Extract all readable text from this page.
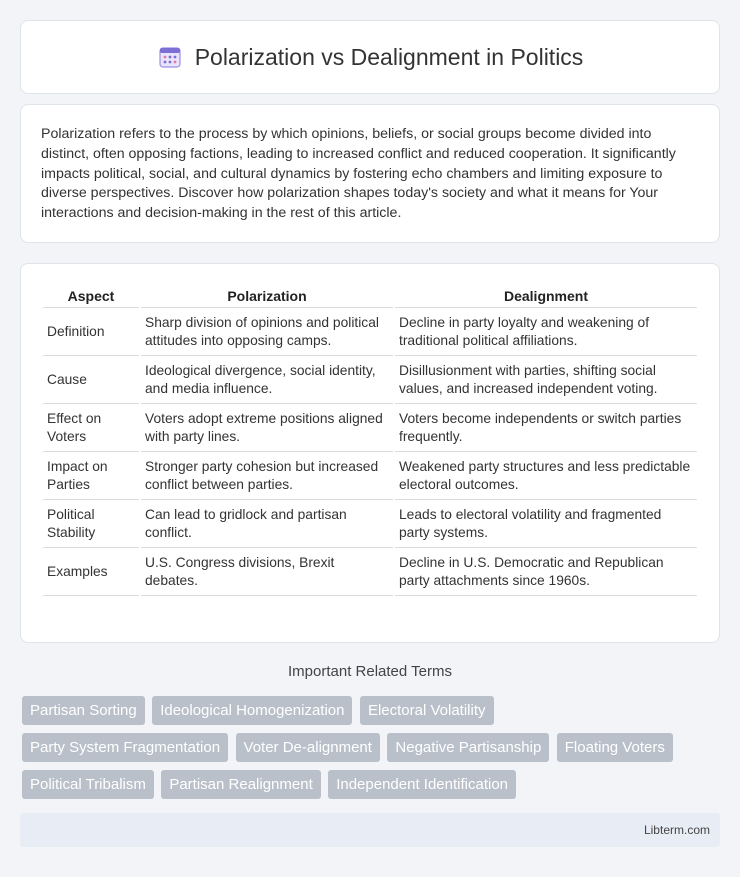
Polarization vs Dealignment in Politics

Polarization refers to the process by which opinions, beliefs, or social groups become divided into distinct, often opposing factions, leading to increased conflict and reduced cooperation. It significantly impacts political, social, and cultural dynamics by fostering echo chambers and limiting exposure to diverse perspectives. Discover how polarization shapes today's society and what it means for Your interactions and decision-making in the rest of this article.

Aspect	Polarization	Dealignment
Definition	Sharp division of opinions and political attitudes into opposing camps.	Decline in party loyalty and weakening of traditional political affiliations.
Cause	Ideological divergence, social identity, and media influence.	Disillusionment with parties, shifting social values, and increased independent voting.
Effect on Voters	Voters adopt extreme positions aligned with party lines.	Voters become independents or switch parties frequently.
Impact on Parties	Stronger party cohesion but increased conflict between parties.	Weakened party structures and less predictable electoral outcomes.
Political Stability	Can lead to gridlock and partisan conflict.	Leads to electoral volatility and fragmented party systems.
Examples	U.S. Congress divisions, Brexit debates.	Decline in U.S. Democratic and Republican party attachments since 1960s.
Important Related Terms
Partisan Sorting Ideological Homogenization Electoral Volatility
Party System Fragmentation Voter De-alignment Negative Partisanship Floating Voters
Political Tribalism Partisan Realignment Independent Identification
Libterm.com
